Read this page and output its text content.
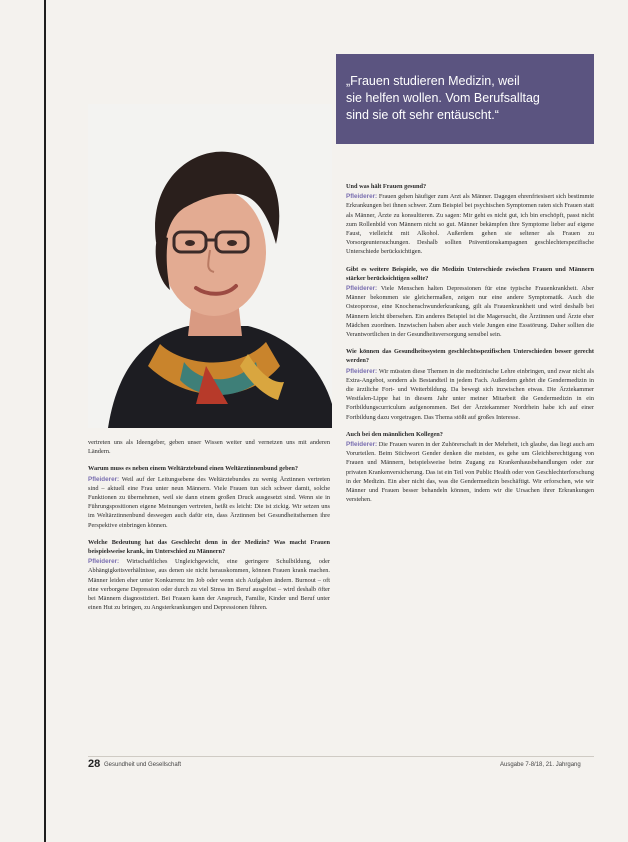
„Frauen studieren Medizin, weil
sie helfen wollen. Vom Berufsalltag
sind sie oft sehr entäuscht.“

vertreten uns als Ideengeber, geben unser Wissen weiter und vernetzen uns mit anderen Ländern.

Warum muss es neben einem Weltärztebund einen Weltärztinnenbund geben?
Pfleiderer: Weil auf der Leitungsebene des Weltärztebundes zu wenig Ärztinnen vertreten sind – aktuell eine Frau unter neun Männern. Viele Frauen tun sich schwer damit, solche Funktionen zu übernehmen, weil sie dann einem großen Druck ausgesetzt sind. Wenn sie in Führungspositionen eigene Meinungen vertreten, heißt es leicht: Die ist zickig. Wir setzen uns im Weltärztinnenbund deswegen auch dafür ein, dass Ärztinnen bei Gesundheitsthemen ihre Perspektive einbringen können.

Welche Bedeutung hat das Geschlecht denn in der Medizin? Was macht Frauen beispielsweise krank, im Unterschied zu Männern?
Pfleiderer: Wirtschaftliches Ungleichgewicht, eine geringere Schulbildung, oder Abhängigkeitsverhältnisse, aus denen sie nicht herauskommen, können Frauen krank machen. Männer leiden eher unter Konkurrenz im Job oder wenn sich Aufgaben ändern. Burnout – oft eine verborgene Depression oder durch zu viel Stress im Beruf ausgelöst – wird deshalb öfter bei Männern diagnostiziert. Bei Frauen kann der Anspruch, Familie, Kinder und Beruf unter einen Hut zu bringen, zu Angsterkrankungen und Depressionen führen.

Und was hält Frauen gesund?
Pfleiderer: Frauen gehen häufiger zum Arzt als Männer. Dagegen ehrenfriesisert sich bestimmte Erkrankungen bei ihnen schwer. Zum Beispiel bei psychischen Symptomen raten sich Frauen statt als Männer, Ärzte zu konsultieren. Zu sagen: Mir geht es nicht gut, ich bin erschöpft, passt nicht zum Rollenbild von Männern nicht so gut. Männer bekämpfen ihre Symptome lieber auf eigene Faust, vielleicht mit Alkohol. Außerdem gehen sie seltener als Frauen zu Vorsorgeuntersuchungen. Deshalb sollten Präventionskampagnen geschlechterspezifische Unterschiede berücksichtigen.

Gibt es weitere Beispiele, wo die Medizin Unterschiede zwischen Frauen und Männern stärker berücksichtigen sollte?
Pfleiderer: Viele Menschen halten Depressionen für eine typische Frauenkrankheit. Aber Männer bekommen sie gleichermaßen, zeigen nur eine andere Symptomatik. Auch die Osteoporose, eine Knochenschwunderkrankung, gilt als Frauenkrankheit und wird deshalb bei Männern leicht übersehen. Ein anderes Beispiel ist die Magersucht, die Ärztinnen und Ärzte eher Mädchen zuordnen. Inzwischen haben aber auch viele Jungen eine Essstörung. Daher sollten die Verantwortlichen in der Gesundheitsversorgung sensibel sein.

Wie können das Gesundheitssystem geschlechtsspezifischen Unterschieden besser gerecht werden?
Pfleiderer: Wir müssten diese Themen in die medizinische Lehre einbringen, und zwar nicht als Extra-Angebot, sondern als Bestandteil in jedem Fach. Außerdem gehört die Gendermedizin in die ärztliche Fort- und Weiterbildung. Da bewegt sich inzwischen etwas. Die Ärztekammer Westfalen-Lippe hat in diesem Jahr unter meiner Mitarbeit die Gendermedizin in ein Fortbildungscurriculum aufgenommen. Bei der Ärztekammer Nordrhein habe ich auf einer Fortbildung dazu vorgetragen. Das Thema stößt auf großes Interesse.

Auch bei den männlichen Kollegen?
Pfleiderer: Die Frauen waren in der Zuhörerschaft in der Mehrheit, ich glaube, das liegt auch am Vorurteilen. Beim Stichwort Gender denken die meisten, es gehe um Gleichberechtigung von Frauen und Männern, beispielsweise beim Zugang zu Krankenhausbehandlungen oder zur privaten Krankenversicherung. Das ist ein Teil von Public Health oder von Geschlechterforschung in der Medizin. Ein aber nicht das, was die Gendermedizin beschäftigt. Wir erforschen, wie wir Männer und Frauen besser behandeln können, indem wir die Ursachen ihrer Erkrankungen verstehen.

28 Gesundheit und Gesellschaft	Ausgabe 7-8/18, 21. Jahrgang
